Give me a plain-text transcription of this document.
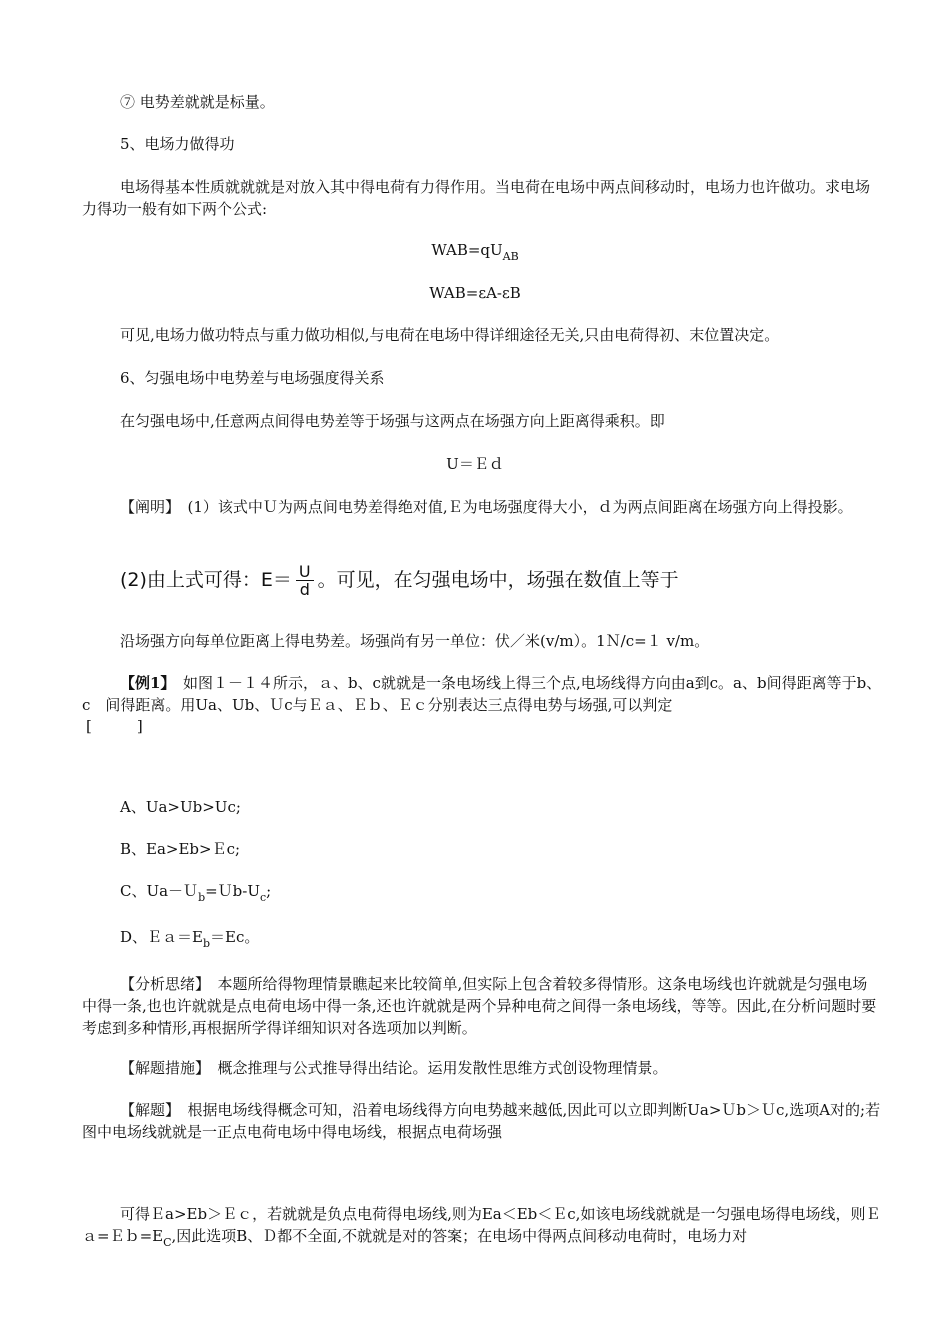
⑦ 电势差就就是标量。
5、电场力做得功
电场得基本性质就就就是对放入其中得电荷有力得作用。当电荷在电场中两点间移动时，电场力也许做功。求电场力得功一般有如下两个公式:
$WAB=qU_{AB}$
WAB=εA-εB
可见,电场力做功特点与重力做功相似,与电荷在电场中得详细途径无关,只由电荷得初、末位置决定。
6、匀强电场中电势差与电场强度得关系
在匀强电场中,任意两点间得电势差等于场强与这两点在场强方向上距离得乘积。即
U＝Ｅｄ
【阐明】　(1）该式中Ｕ为两点间电势差得绝对值,Ｅ为电场强度得大小，ｄ为两点间距离在场强方向上得投影。
(2)由上式可得：$E= \frac{U}{d}$ 。可见，在匀强电场中，场强在数值上等于
沿场强方向每单位距离上得电势差。场强尚有另一单位：伏／米(v/m）。1Ｎ/c=１ v/m。
【例1】　如图１－１４所示，ａ、b、c就就是一条电场线上得三个点,电场线得方向由a到c。a、b间得距离等于b、c　间得距离。用Ua、Ub、Ｕc与Ｅａ、Ｅｂ、Ｅｃ分别表达三点得电势与场强,可以判定
[　　　]
A、Ua>Ub>Uc;
B、Ea>Eb>Ｅc;
C、$Ua-U_b=Ub-U_c$;
D、$Ea=E_b=Ec$。
【分析思绪】　本题所给得物理情景瞧起来比较简单,但实际上包含着较多得情形。这条电场线也许就就是匀强电场中得一条,也也许就就是点电荷电场中得一条,还也许就就是两个异种电荷之间得一条电场线，等等。因此,在分析问题时要考虑到多种情形,再根据所学得详细知识对各选项加以判断。
【解题措施】　概念推理与公式推导得出结论。运用发散性思维方式创设物理情景。
【解题】　根据电场线得概念可知，沿着电场线得方向电势越来越低,因此可以立即判断Ua>Ｕb＞Ｕc,选项A对的;若图中电场线就就是一正点电荷电场中得电场线，根据点电荷场强
可得Ｅa>Eb＞Ｅｃ，若就就是负点电荷得电场线,则为Ea＜Eb＜Ｅc,如该电场线就就是一匀强电场得电场线，则$Ea=Eb=E_C$,因此选项B、Ｄ都不全面,不就就是对的答案；在电场中得两点间移动电荷时，电场力对
